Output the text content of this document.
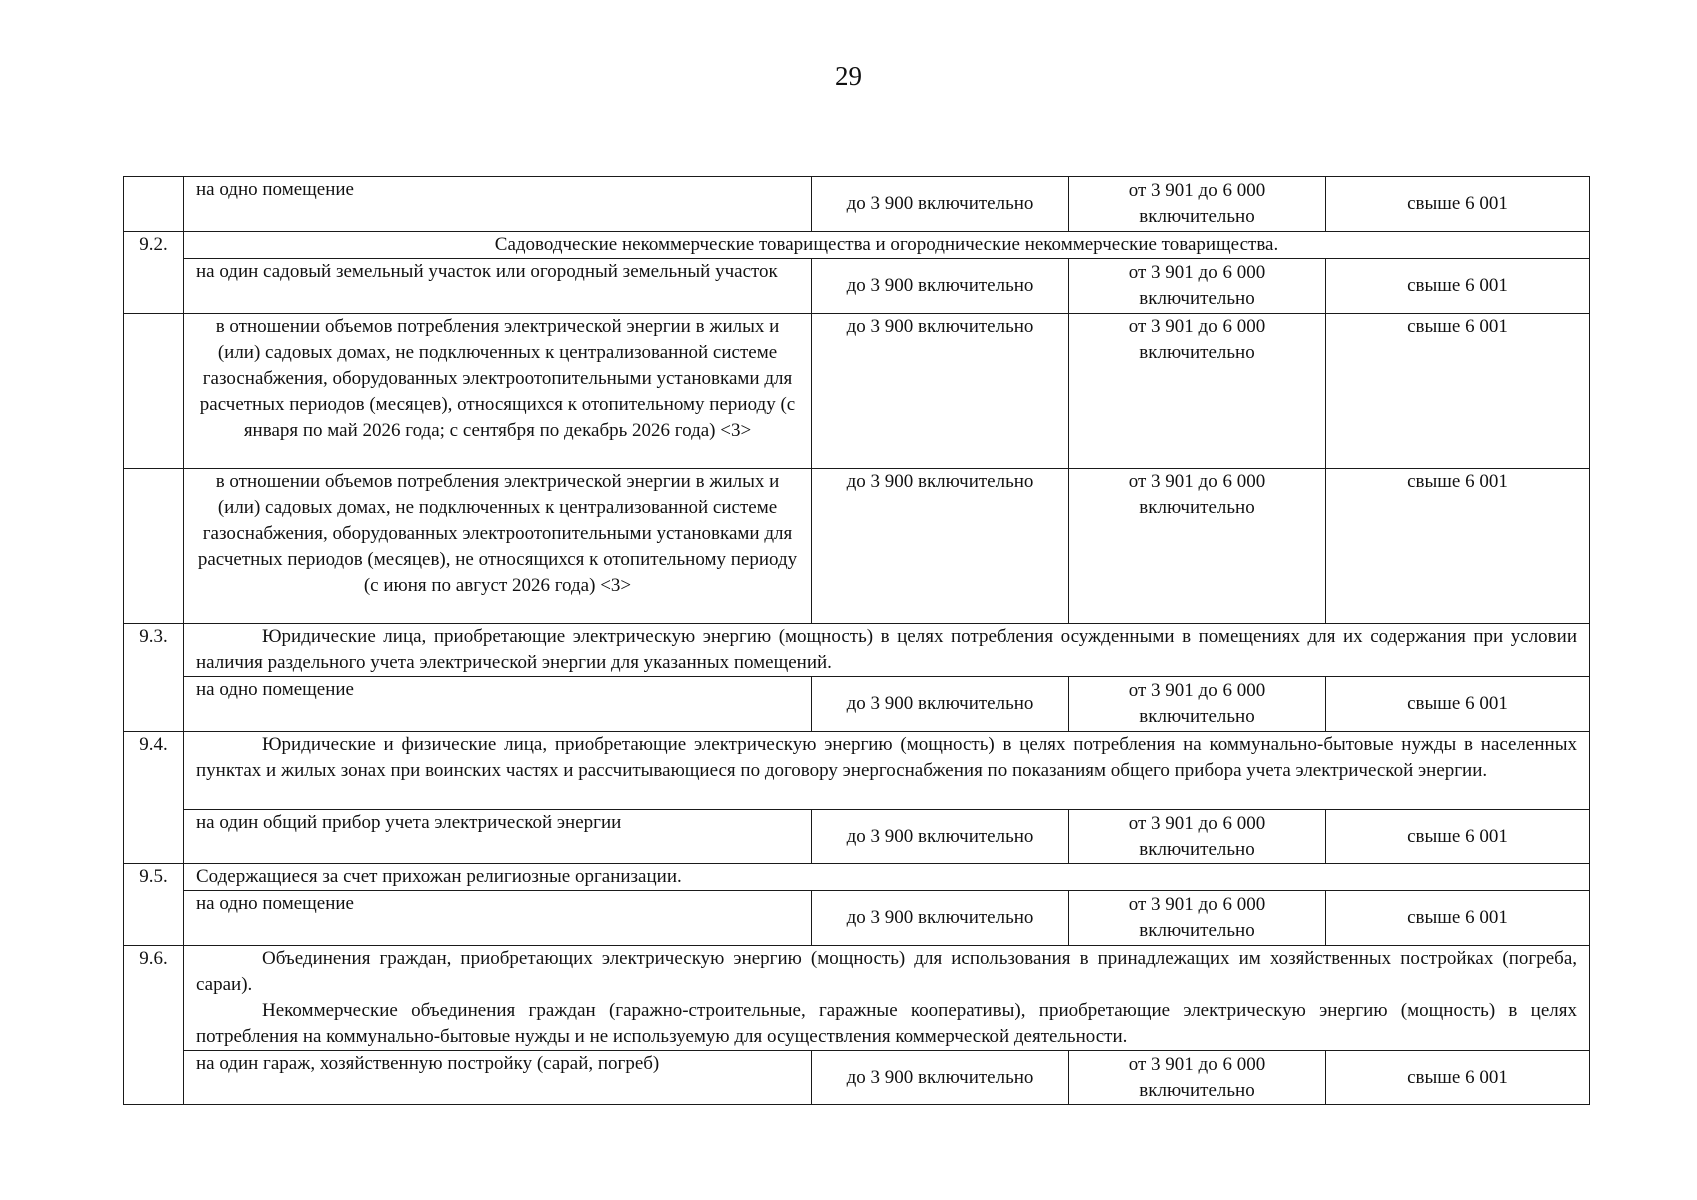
29
	на одно помещение	до 3 900 включительно	от 3 901 до 6 000 включительно	свыше 6 001
9.2.	Садоводческие некоммерческие товарищества и огороднические некоммерческие товарищества.			
	на один садовый земельный участок или огородный земельный участок	до 3 900 включительно	от 3 901 до 6 000 включительно	свыше 6 001
	в отношении объемов потребления электрической энергии в жилых и (или) садовых домах, не подключенных к централизованной системе газоснабжения, оборудованных электроотопительными установками для расчетных периодов (месяцев), относящихся к отопительному периоду (с января по май 2026 года; с сентября по декабрь 2026 года) <3>	до 3 900 включительно	от 3 901 до 6 000 включительно	свыше 6 001
	в отношении объемов потребления электрической энергии в жилых и (или) садовых домах, не подключенных к централизованной системе газоснабжения, оборудованных электроотопительными установками для расчетных периодов (месяцев), не относящихся к отопительному периоду (с июня по август 2026 года) <3>	до 3 900 включительно	от 3 901 до 6 000 включительно	свыше 6 001
9.3.	Юридические лица, приобретающие электрическую энергию (мощность) в целях потребления осужденными в помещениях для их содержания при условии наличия раздельного учета электрической энергии для указанных помещений.			

	на одно помещение	до 3 900 включительно	от 3 901 до 6 000 включительно	свыше 6 001
9.4.	Юридические и физические лица, приобретающие электрическую энергию (мощность) в целях потребления на коммунально-бытовые нужды в населенных пунктах и жилых зонах при воинских частях и рассчитывающиеся по договору энергоснабжения по показаниям общего прибора учета электрической энергии.			

	на один общий прибор учета электрической энергии	до 3 900 включительно	от 3 901 до 6 000 включительно	свыше 6 001
9.5.	Содержащиеся за счет прихожан религиозные организации.			
	на одно помещение	до 3 900 включительно	от 3 901 до 6 000 включительно	свыше 6 001
9.6.	Объединения граждан, приобретающих электрическую энергию (мощность) для использования в принадлежащих им хозяйственных постройках (погреба, сараи).
Некоммерческие объединения граждан (гаражно-строительные, гаражные кооперативы), приобретающие электрическую энергию (мощность) в целях потребления на коммунально-бытовые нужды и не используемую для осуществления коммерческой деятельности.			

	на один гараж, хозяйственную постройку (сарай, погреб)	до 3 900 включительно	от 3 901 до 6 000 включительно	свыше 6 001
